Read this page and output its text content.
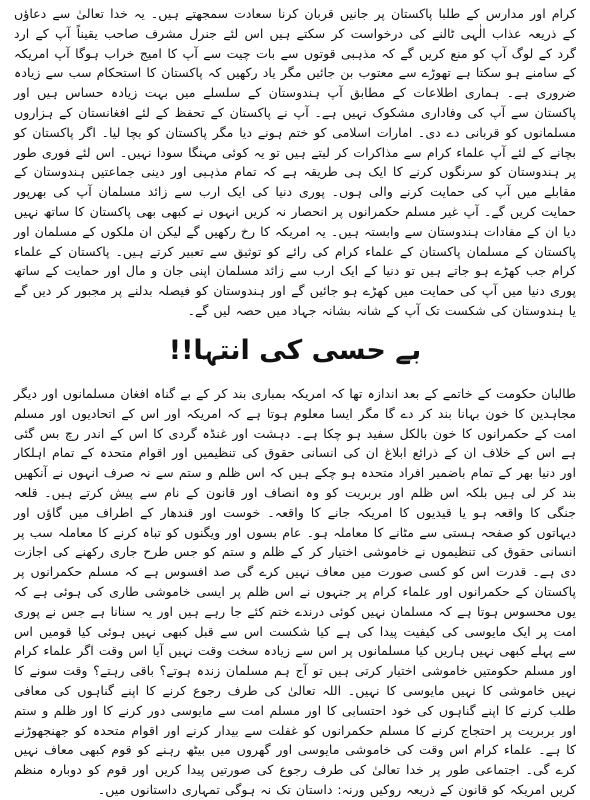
کرام اور مدارس کے طلبا پاکستان پر جانیں قربان کرنا سعادت سمجھتے ہیں۔ یہ خدا تعالیٰ سے دعاؤں کے ذریعہ عذاب الٰہی ٹالنے کی درخواست کر سکتے ہیں اس لئے جنرل مشرف صاحب یقیناً آپ کے ارد گرد کے لوگ آپ کو منع کریں گے کہ مذہبی قوتوں سے بات چیت سے آپ کا امیج خراب ہوگا آپ امریکہ کے سامنے ہو سکتا ہے تھوڑے سے معتوب بن جائیں مگر یاد رکھیں کہ پاکستان کا استحکام سب سے زیادہ ضروری ہے۔ ہماری اطلاعات کے مطابق آپ ہندوستان کے سلسلے میں بہت زیادہ حساس ہیں اور پاکستان سے آپ کی وفاداری مشکوک نہیں ہے۔ آپ نے پاکستان کے تحفظ کے لئے افغانستان کے ہزاروں مسلمانوں کو قربانی دے دی۔ امارات اسلامی کو ختم ہونے دیا مگر پاکستان کو بچا لیا۔ اگر پاکستان کو بچانے کے لئے آپ علماء کرام سے مذاکرات کر لیتے ہیں تو یہ کوئی مہنگا سودا نہیں۔ اس لئے فوری طور پر ہندوستان کو سرنگوں کرنے کا ایک ہی طریقہ ہے کہ تمام مذہبی اور دینی جماعتیں ہندوستان کے مقابلے میں آپ کی حمایت کرنے والی ہوں۔ پوری دنیا کی ایک ارب سے زائد مسلمان آپ کی بھرپور حمایت کریں گے۔ آپ غیر مسلم حکمرانوں پر انحصار نہ کریں انہوں نے کبھی بھی پاکستان کا ساتھ نہیں دیا ان کے مفادات ہندوستان سے وابستہ ہیں۔ یہ امریکہ کا رخ رکھیں گے لیکن ان ملکوں کے مسلمان اور پاکستان کے مسلمان پاکستان کے علماء کرام کی رائے کو توثیق سے تعبیر کرتے ہیں۔ پاکستان کے علماء کرام جب کھڑے ہو جاتے ہیں تو دنیا کے ایک ارب سے زائد مسلمان اپنی جان و مال اور حمایت کے ساتھ پوری دنیا میں آپ کی حمایت میں کھڑے ہو جائیں گے اور ہندوستان کو فیصلہ بدلنے پر مجبور کر دیں گے یا ہندوستان کی شکست تک آپ کے شانہ بشانہ جہاد میں حصہ لیں گے۔

بے حسی کی انتہا!!

طالبان حکومت کے خاتمے کے بعد اندازہ تھا کہ امریکہ بمباری بند کر کے بے گناہ افغان مسلمانوں اور دیگر مجاہدین کا خون بہانا بند کر دے گا مگر ایسا معلوم ہوتا ہے کہ امریکہ اور اس کے اتحادیوں اور مسلم امت کے حکمرانوں کا خون بالکل سفید ہو چکا ہے۔ دہشت اور غنڈہ گردی کا اس کے اندر رچ بس گئی ہے اس کے خلاف ان کے ذرائع ابلاغ ان کی انسانی حقوق کی تنظیمیں اور اقوام متحدہ کے تمام اہلکار اور دنیا بھر کے تمام باضمیر افراد متحدہ ہو چکے ہیں کہ اس ظلم و ستم سے نہ صرف انہوں نے آنکھیں بند کر لی ہیں بلکہ اس ظلم اور بربریت کو وہ انصاف اور قانون کے نام سے پیش کرتے ہیں۔ قلعہ جنگی کا واقعہ ہو یا قیدیوں کا امریکہ جانے کا واقعہ۔ خوست اور قندھار کے اطراف میں گاؤں اور دیہاتوں کو صفحہ ہستی سے مٹانے کا معاملہ ہو۔ عام بسوں اور ویگنوں کو تباہ کرنے کا معاملہ سب پر انسانی حقوق کی تنظیموں نے خاموشی اختیار کر کے ظلم و ستم کو جس طرح جاری رکھنے کی اجازت دی ہے۔ قدرت اس کو کسی صورت میں معاف نہیں کرے گی صد افسوس ہے کہ مسلم حکمرانوں پر پاکستان کے حکمرانوں اور علماء کرام پر جنہوں نے اس ظلم پر ایسی خاموشی طاری کی ہوئی ہے کہ یوں محسوس ہوتا ہے کہ مسلمان نہیں کوئی درندے ختم کئے جا رہے ہیں اور یہ سنانا ہے جس نے پوری امت پر ایک مایوسی کی کیفیت پیدا کی ہے کیا شکست اس سے قبل کبھی نہیں ہوئی کیا قومیں اس سے پہلے کبھی نہیں ہاریں کیا مسلمانوں پر اس سے زیادہ سخت وقت نہیں آیا اس وقت اگر علماء کرام اور مسلم حکومتیں خاموشی اختیار کرتی ہیں تو آج ہم مسلمان زندہ ہوتے؟ باقی رہتے؟ وقت سونے کا نہیں خاموشی کا نہیں مایوسی کا نہیں۔ اللہ تعالیٰ کی طرف رجوع کرنے کا اپنے گناہوں کی معافی طلب کرنے کا اپنے گناہوں کی خود احتسابی کا اور مسلم امت سے مایوسی دور کرنے کا اور ظلم و ستم اور بربریت پر احتجاج کرنے کا مسلم حکمرانوں کو غفلت سے بیدار کرنے اور اقوام متحدہ کو جھنجھوڑنے کا ہے۔ علماء کرام اس وقت کی خاموشی مایوسی اور گھروں میں بیٹھ رہنے کو قوم کبھی معاف نہیں کرے گی۔ اجتماعی طور پر خدا تعالیٰ کی طرف رجوع کی صورتیں پیدا کریں اور قوم کو دوبارہ منظم کریں امریکہ کو قانون کے ذریعہ روکیں ورنہ: داستان تک نہ ہوگی تمہاری داستانوں میں۔
